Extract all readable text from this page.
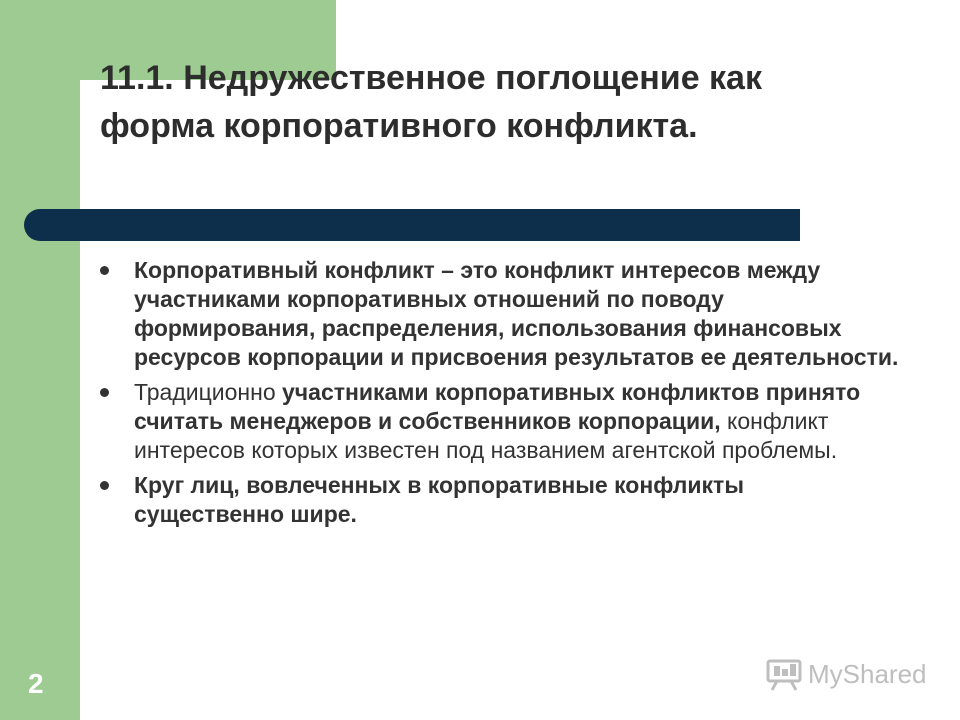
11.1. Недружественное поглощение как
форма корпоративного конфликта.
Корпоративный конфликт – это конфликт интересов между участниками корпоративных отношений по поводу формирования, распределения, использования финансовых ресурсов корпорации и присвоения результатов ее деятельности.
Традиционно участниками корпоративных конфликтов принято считать менеджеров и собственников корпорации, конфликт интересов которых известен под названием агентской проблемы.
Круг лиц, вовлеченных в корпоративные конфликты существенно шире.
2	MyShared
